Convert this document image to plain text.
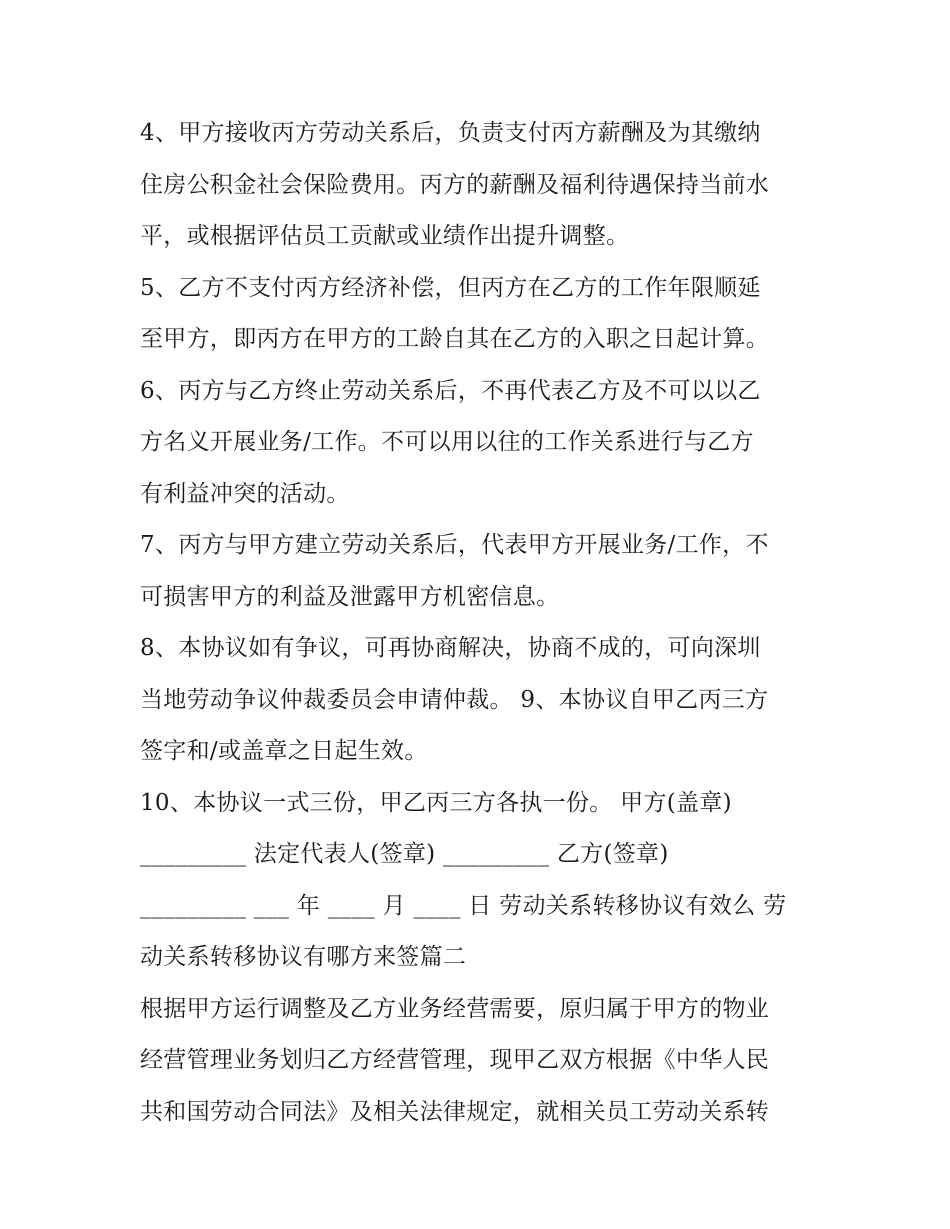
4、甲方接收丙方劳动关系后，负责支付丙方薪酬及为其缴纳
住房公积金社会保险费用。丙方的薪酬及福利待遇保持当前水
平，或根据评估员工贡献或业绩作出提升调整。
5、乙方不支付丙方经济补偿，但丙方在乙方的工作年限顺延
至甲方，即丙方在甲方的工龄自其在乙方的入职之日起计算。
6、丙方与乙方终止劳动关系后，不再代表乙方及不可以以乙
方名义开展业务/工作。不可以用以往的工作关系进行与乙方
有利益冲突的活动。
7、丙方与甲方建立劳动关系后，代表甲方开展业务/工作，不
可损害甲方的利益及泄露甲方机密信息。
8、本协议如有争议，可再协商解决，协商不成的，可向深圳
当地劳动争议仲裁委员会申请仲裁。 9、本协议自甲乙丙三方
签字和/或盖章之日起生效。
10、本协议一式三份，甲乙丙三方各执一份。 甲方(盖章)
_________ 法定代表人(签章) _________ 乙方(签章)
_________ ___ 年 ____ 月 ____ 日 劳动关系转移协议有效么 劳
动关系转移协议有哪方来签篇二
根据甲方运行调整及乙方业务经营需要，原归属于甲方的物业
经营管理业务划归乙方经营管理，现甲乙双方根据《中华人民
共和国劳动合同法》及相关法律规定，就相关员工劳动关系转
